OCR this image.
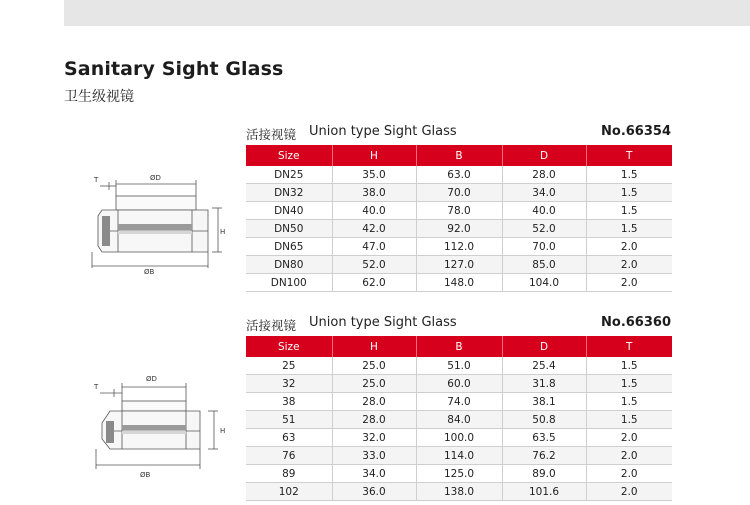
Sanitary Sight Glass
卫生级视镜
活接视镜 Union type Sight Glass	No.66354
T	ØD
H
ØB
Size	H	B	D	T
DN25	35.0	63.0	28.0	1.5
DN32	38.0	70.0	34.0	1.5
DN40	40.0	78.0	40.0	1.5
DN50	42.0	92.0	52.0	1.5
DN65	47.0	112.0	70.0	2.0
DN80	52.0	127.0	85.0	2.0
DN100	62.0	148.0	104.0	2.0
活接视镜 Union type Sight Glass	No.66360
T
ØD
H
ØB
Size	H	B	D	T
25	25.0	51.0	25.4	1.5
32	25.0	60.0	31.8	1.5
38	28.0	74.0	38.1	1.5
51	28.0	84.0	50.8	1.5
63	32.0	100.0	63.5	2.0
76	33.0	114.0	76.2	2.0
89	34.0	125.0	89.0	2.0
102	36.0	138.0	101.6	2.0
